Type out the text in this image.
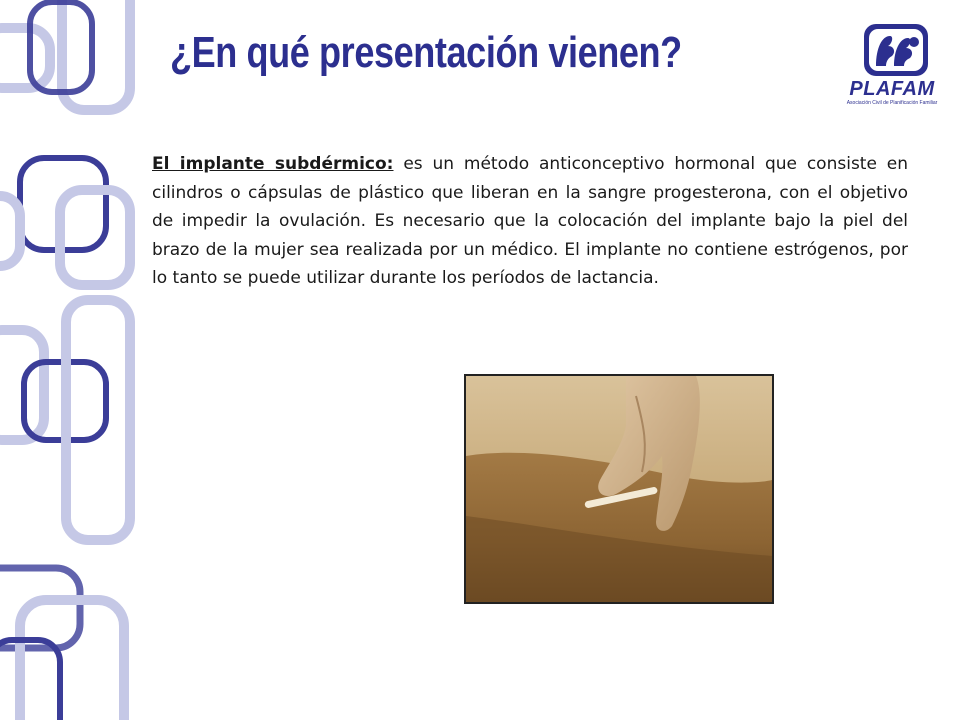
¿En qué presentación vienen?
PLAFAM
Asociación Civil de Planificación Familiar

El implante subdérmico: es un método anticonceptivo hormonal que consiste en cilindros o cápsulas de plástico que liberan en la sangre progesterona, con el objetivo de impedir la ovulación. Es necesario que la colocación del implante bajo la piel del brazo de la mujer sea realizada por un médico. El implante no contiene estrógenos, por lo tanto se puede utilizar durante los períodos de lactancia.
